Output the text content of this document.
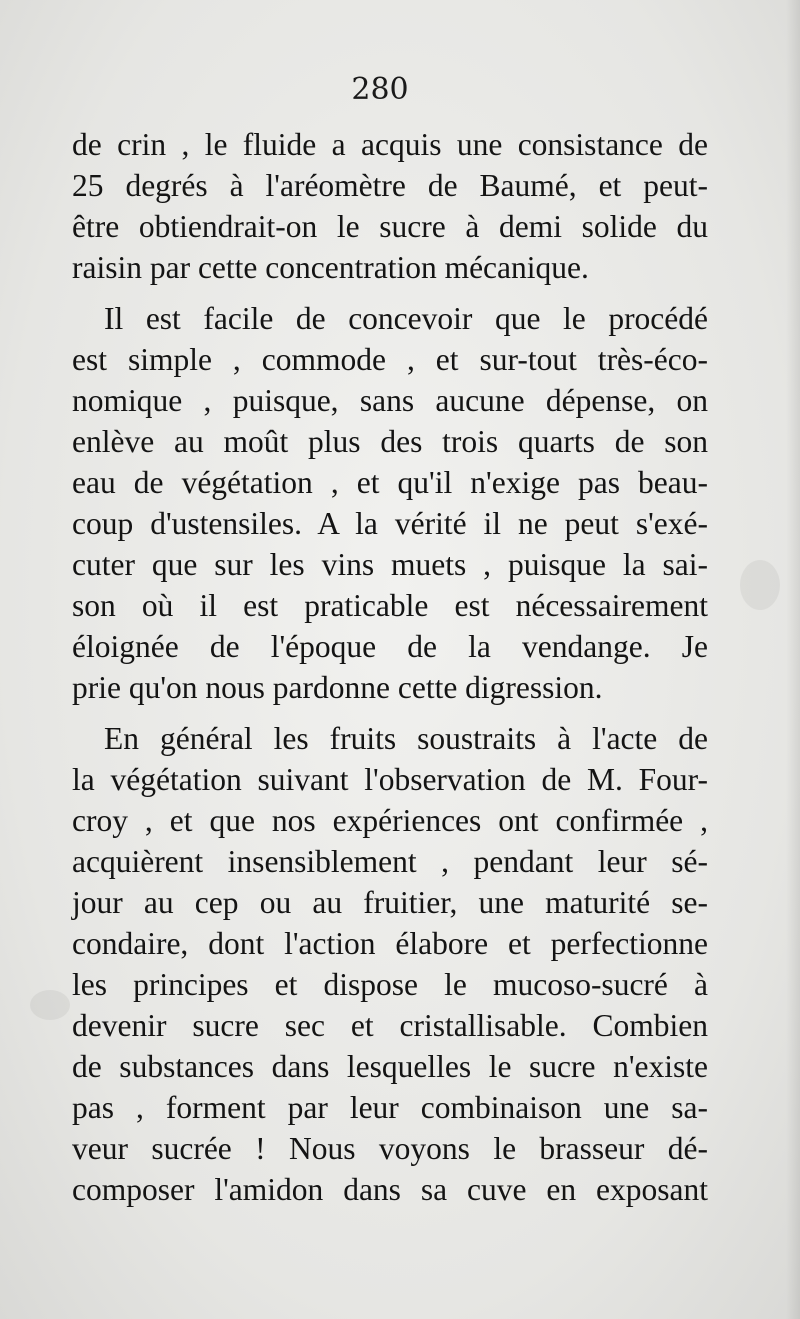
280
de crin , le fluide a acquis une consistance de
25 degrés à l'aréomètre de Baumé, et peut-
être obtiendrait-on le sucre à demi solide du
raisin par cette concentration mécanique.
Il est facile de concevoir que le procédé
est simple , commode , et sur-tout très-éco-
nomique , puisque, sans aucune dépense, on
enlève au moût plus des trois quarts de son
eau de végétation , et qu'il n'exige pas beau-
coup d'ustensiles. A la vérité il ne peut s'exé-
cuter que sur les vins muets , puisque la sai-
son où il est praticable est nécessairement
éloignée de l'époque de la vendange. Je
prie qu'on nous pardonne cette digression.
En général les fruits soustraits à l'acte de
la végétation suivant l'observation de M. Four-
croy , et que nos expériences ont confirmée ,
acquièrent insensiblement , pendant leur sé-
jour au cep ou au fruitier, une maturité se-
condaire, dont l'action élabore et perfectionne
les principes et dispose le mucoso-sucré à
devenir sucre sec et cristallisable. Combien
de substances dans lesquelles le sucre n'existe
pas , forment par leur combinaison une sa-
veur sucrée ! Nous voyons le brasseur dé-
composer l'amidon dans sa cuve en exposant
